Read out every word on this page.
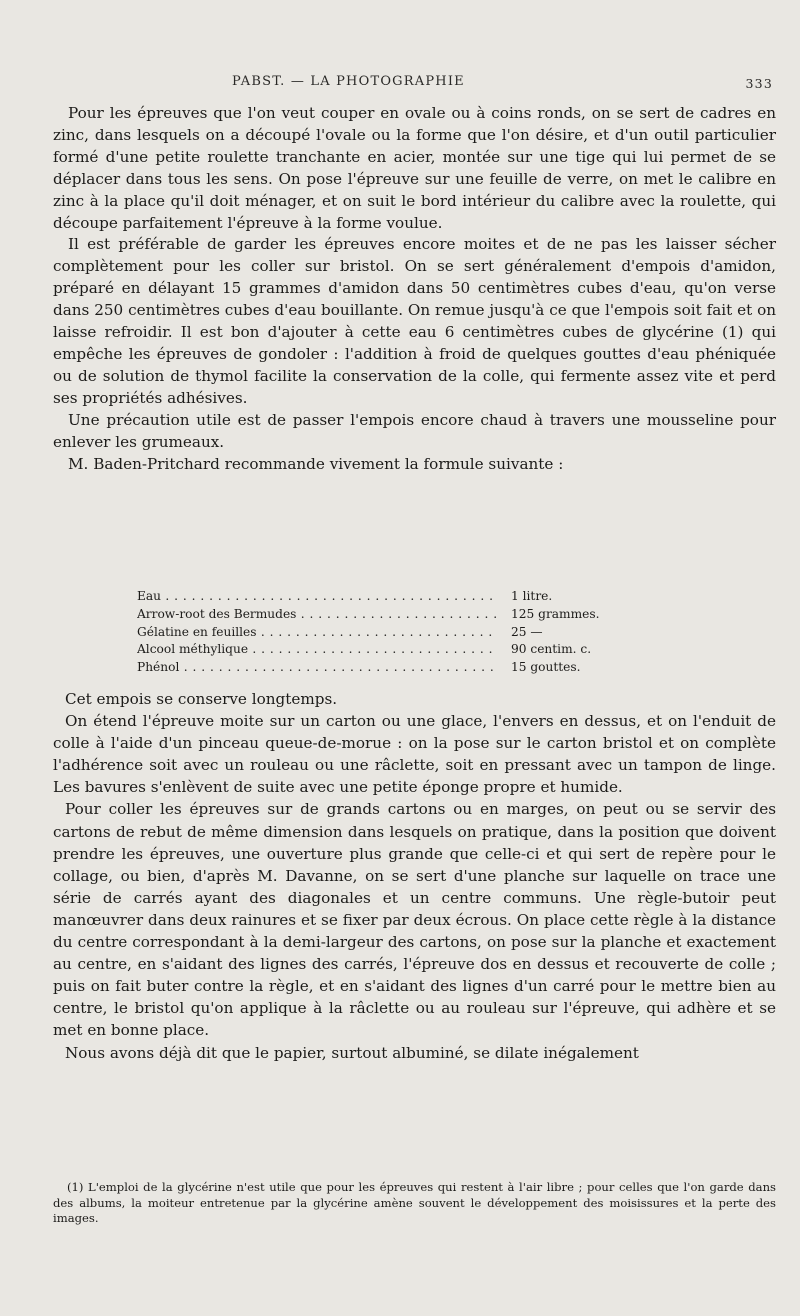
PABST. — LA PHOTOGRAPHIE	333

Pour les épreuves que l'on veut couper en ovale ou à coins ronds, on se sert de cadres en zinc, dans lesquels on a découpé l'ovale ou la forme que l'on désire, et d'un outil particulier formé d'une petite roulette tranchante en acier, montée sur une tige qui lui permet de se déplacer dans tous les sens. On pose l'épreuve sur une feuille de verre, on met le calibre en zinc à la place qu'il doit ménager, et on suit le bord intérieur du calibre avec la roulette, qui découpe parfaitement l'épreuve à la forme voulue.

Il est préférable de garder les épreuves encore moites et de ne pas les laisser sécher complètement pour les coller sur bristol. On se sert généralement d'empois d'amidon, préparé en délayant 15 grammes d'amidon dans 50 centimètres cubes d'eau, qu'on verse dans 250 centimètres cubes d'eau bouillante. On remue jusqu'à ce que l'empois soit fait et on laisse refroidir. Il est bon d'ajouter à cette eau 6 centimètres cubes de glycérine (1) qui empêche les épreuves de gondoler : l'addition à froid de quelques gouttes d'eau phéniquée ou de solution de thymol facilite la conservation de la colle, qui fermente assez vite et perd ses propriétés adhésives.

Une précaution utile est de passer l'empois encore chaud à travers une mousseline pour enlever les grumeaux.

M. Baden-Pritchard recommande vivement la formule suivante :

Eau . . .	1 litre.
Arrow-root des Bermudes . . .	125 grammes.
Gélatine en feuilles . . .	25 —
Alcool méthylique . . .	90 centim. c.
Phénol . . .	15 gouttes.

Cet empois se conserve longtemps.

On étend l'épreuve moite sur un carton ou une glace, l'envers en dessus, et on l'enduit de colle à l'aide d'un pinceau queue-de-morue : on la pose sur le carton bristol et on complète l'adhérence soit avec un rouleau ou une râclette, soit en pressant avec un tampon de linge. Les bavures s'enlèvent de suite avec une petite éponge propre et humide.

Pour coller les épreuves sur de grands cartons ou en marges, on peut ou se servir des cartons de rebut de même dimension dans lesquels on pratique, dans la position que doivent prendre les épreuves, une ouverture plus grande que celle-ci et qui sert de repère pour le collage, ou bien, d'après M. Davanne, on se sert d'une planche sur laquelle on trace une série de carrés ayant des diagonales et un centre communs. Une règle-butoir peut manœuvrer dans deux rainures et se fixer par deux écrous. On place cette règle à la distance du centre correspondant à la demi-largeur des cartons, on pose sur la planche et exactement au centre, en s'aidant des lignes des carrés, l'épreuve dos en dessus et recouverte de colle ; puis on fait buter contre la règle, et en s'aidant des lignes d'un carré pour le mettre bien au centre, le bristol qu'on applique à la râclette ou au rouleau sur l'épreuve, qui adhère et se met en bonne place.

Nous avons déjà dit que le papier, surtout albuminé, se dilate inégalement

(1) L'emploi de la glycérine n'est utile que pour les épreuves qui restent à l'air libre ; pour celles que l'on garde dans des albums, la moiteur entretenue par la glycérine amène souvent le développement des moisissures et la perte des images.
